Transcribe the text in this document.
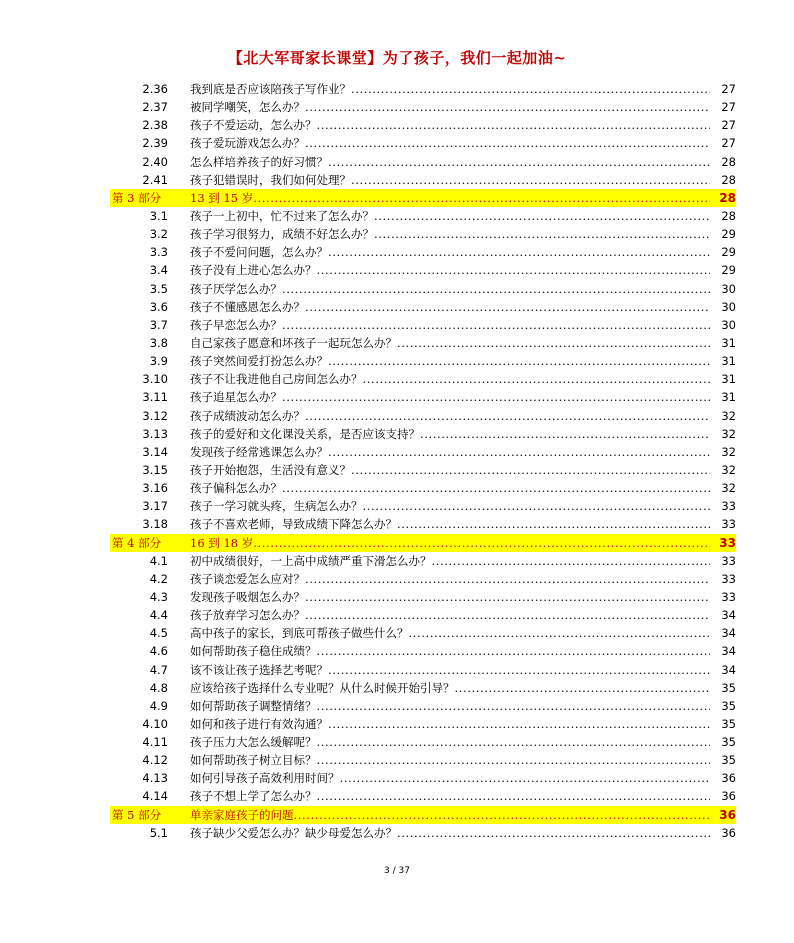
【北大军哥家长课堂】为了孩子，我们一起加油~
2.36 我到底是否应该陪孩子写作业？ .....	27
2.37 被同学嘲笑，怎么办？ .....	27
2.38 孩子不爱运动，怎么办？ .....	27
2.39 孩子爱玩游戏怎么办？ .....	27
2.40 怎么样培养孩子的好习惯？ .....	28
2.41 孩子犯错误时，我们如何处理？ .....	28
第 3 部分	13 到 15 岁 .....	28
3.1 孩子一上初中，忙不过来了怎么办？ .....	28
3.2 孩子学习很努力，成绩不好怎么办？ .....	29
3.3 孩子不爱问问题，怎么办？ .....	29
3.4 孩子没有上进心怎么办？ .....	29
3.5 孩子厌学怎么办？ .....	30
3.6 孩子不懂感恩怎么办？ .....	30
3.7 孩子早恋怎么办？ .....	30
3.8 自己家孩子愿意和坏孩子一起玩怎么办？ .....	31
3.9 孩子突然间爱打扮怎么办？ .....	31
3.10 孩子不让我进他自己房间怎么办？ .....	31
3.11 孩子追星怎么办？ .....	31
3.12 孩子成绩波动怎么办？ .....	32
3.13 孩子的爱好和文化课没关系，是否应该支持？ .....	32
3.14 发现孩子经常逃课怎么办？ .....	32
3.15 孩子开始抱怨，生活没有意义？ .....	32
3.16 孩子偏科怎么办？ .....	32
3.17 孩子一学习就头疼，生病怎么办？ .....	33
3.18 孩子不喜欢老师，导致成绩下降怎么办？ .....	33
第 4 部分	16 到 18 岁 .....	33
4.1 初中成绩很好，一上高中成绩严重下滑怎么办？ .....	33
4.2 孩子谈恋爱怎么应对？ .....	33
4.3 发现孩子吸烟怎么办？ .....	33
4.4 孩子放弃学习怎么办？ .....	34
4.5 高中孩子的家长，到底可帮孩子做些什么？ .....	34
4.6 如何帮助孩子稳住成绩？ .....	34
4.7 该不该让孩子选择艺考呢？ .....	34
4.8 应该给孩子选择什么专业呢？从什么时候开始引导？ .....	35
4.9 如何帮助孩子调整情绪？ .....	35
4.10 如何和孩子进行有效沟通？ .....	35
4.11 孩子压力大怎么缓解呢？ .....	35
4.12 如何帮助孩子树立目标？ .....	35
4.13 如何引导孩子高效利用时间？ .....	36
4.14 孩子不想上学了怎么办？ .....	36
第 5 部分	单亲家庭孩子的问题 .....	36
5.1 孩子缺少父爱怎么办？缺少母爱怎么办？ .....	36
3 / 37
